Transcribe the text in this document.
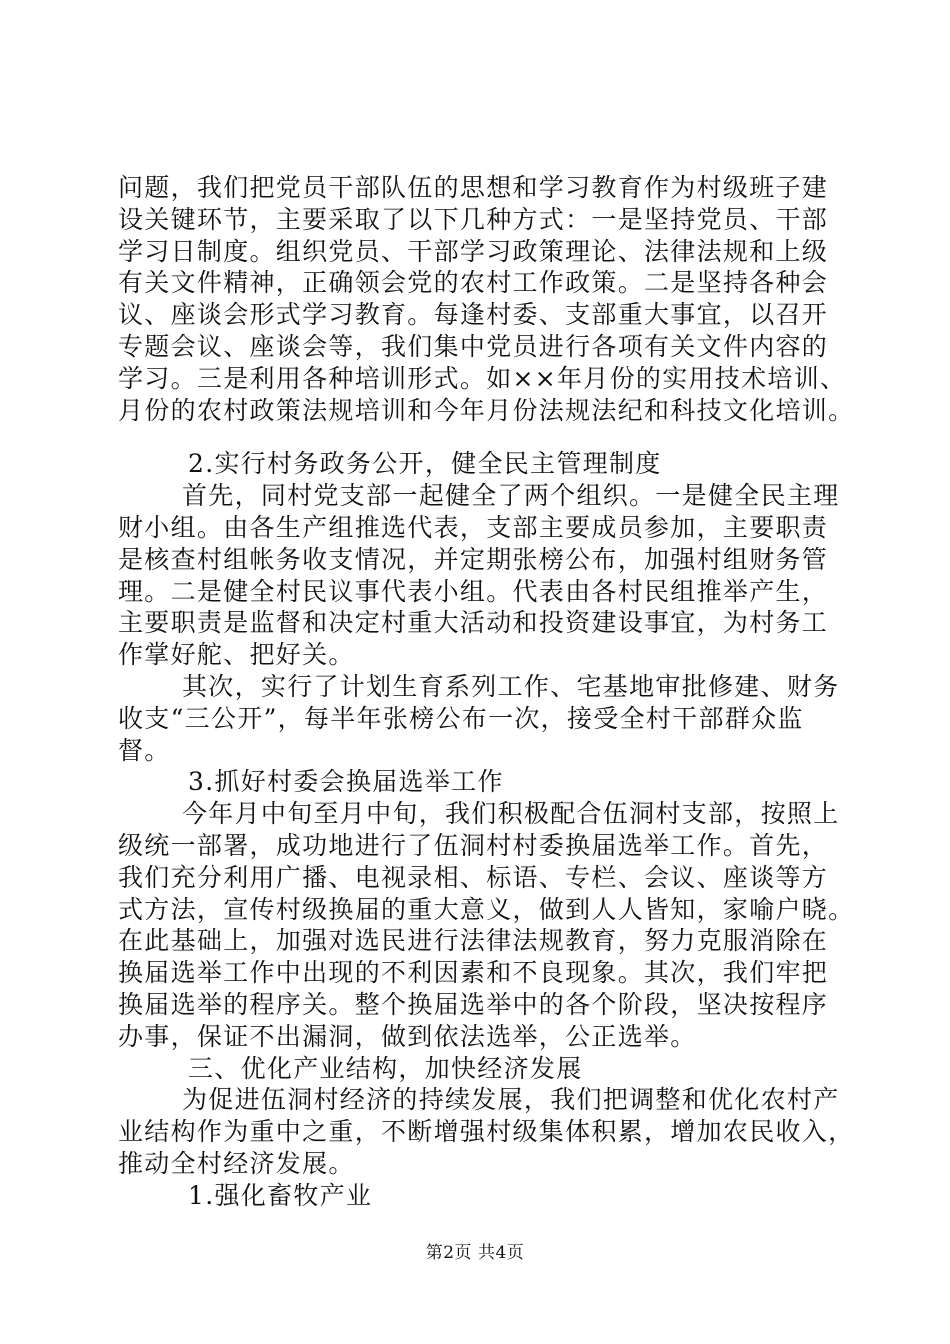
问题，我们把党员干部队伍的思想和学习教育作为村级班子建
设关键环节，主要采取了以下几种方式：一是坚持党员、干部
学习日制度。组织党员、干部学习政策理论、法律法规和上级
有关文件精神，正确领会党的农村工作政策。二是坚持各种会
议、座谈会形式学习教育。每逢村委、支部重大事宜，以召开
专题会议、座谈会等，我们集中党员进行各项有关文件内容的
学习。三是利用各种培训形式。如××年月份的实用技术培训、
月份的农村政策法规培训和今年月份法规法纪和科技文化培训。
2.实行村务政务公开，健全民主管理制度
首先，同村党支部一起健全了两个组织。一是健全民主理
财小组。由各生产组推选代表，支部主要成员参加，主要职责
是核查村组帐务收支情况，并定期张榜公布，加强村组财务管
理。二是健全村民议事代表小组。代表由各村民组推举产生，
主要职责是监督和决定村重大活动和投资建设事宜，为村务工
作掌好舵、把好关。
其次，实行了计划生育系列工作、宅基地审批修建、财务
收支“三公开”，每半年张榜公布一次，接受全村干部群众监
督。
3.抓好村委会换届选举工作
今年月中旬至月中旬，我们积极配合伍洞村支部，按照上
级统一部署，成功地进行了伍洞村村委换届选举工作。首先，
我们充分利用广播、电视录相、标语、专栏、会议、座谈等方
式方法，宣传村级换届的重大意义，做到人人皆知，家喻户晓。
在此基础上，加强对选民进行法律法规教育，努力克服消除在
换届选举工作中出现的不利因素和不良现象。其次，我们牢把
换届选举的程序关。整个换届选举中的各个阶段，坚决按程序
办事，保证不出漏洞，做到依法选举，公正选举。
三、优化产业结构，加快经济发展
为促进伍洞村经济的持续发展，我们把调整和优化农村产
业结构作为重中之重，不断增强村级集体积累，增加农民收入，
推动全村经济发展。
1.强化畜牧产业
第2页 共4页
